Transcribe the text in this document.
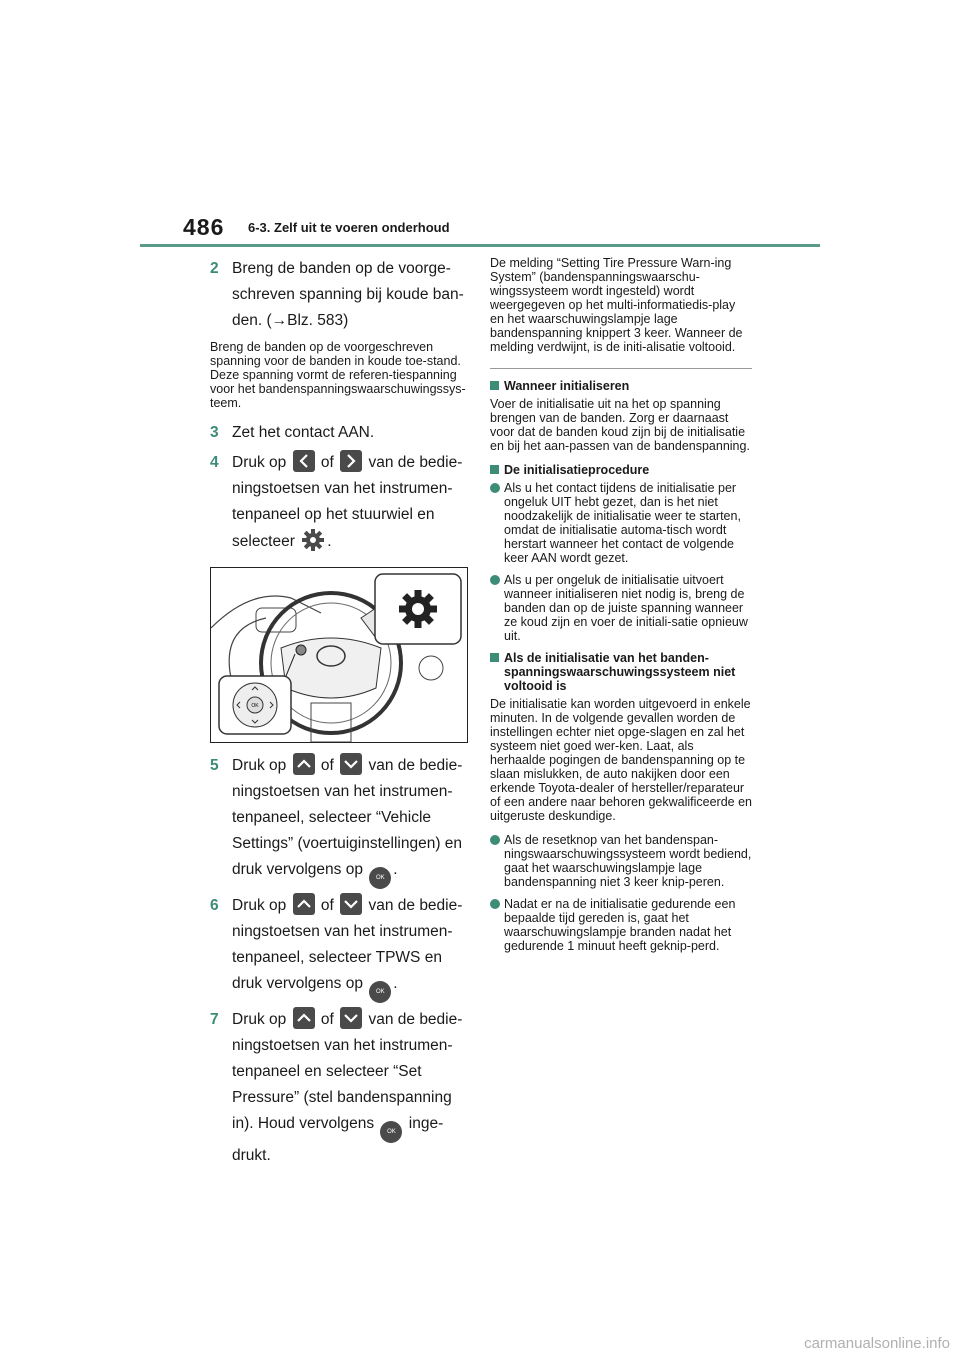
486 6-3. Zelf uit te voeren onderhoud
2 Breng de banden op de voorge-schreven spanning bij koude ban-den. (→Blz. 583)
Breng de banden op de voorgeschreven spanning voor de banden in koude toe-stand. Deze spanning vormt de referen-tiespanning voor het bandenspanningswaarschuwingssys-teem.
3 Zet het contact AAN.
4 Druk op of van de bedie-ningstoetsen van het instrumen-tenpaneel op het stuurwiel en selecteer .
OK
5 Druk op of van de bedie-ningstoetsen van het instrumen-tenpaneel, selecteer “Vehicle Settings” (voertuiginstellingen) en druk vervolgens op OK .
6 Druk op of van de bedie-ningstoetsen van het instrumen-tenpaneel, selecteer TPWS en druk vervolgens op OK .
7 Druk op of van de bedie-ningstoetsen van het instrumen-tenpaneel en selecteer “Set Pressure” (stel bandenspanning in). Houd vervolgens OK inge-drukt.

De melding “Setting Tire Pressure Warn-ing System” (bandenspanningswaarschu-wingssysteem wordt ingesteld) wordt weergegeven op het multi-informatiedis-play en het waarschuwingslampje lage bandenspanning knippert 3 keer. Wanneer de melding verdwijnt, is de initi-alisatie voltooid.

Wanneer initialiseren

Voer de initialisatie uit na het op spanning brengen van de banden. Zorg er daarnaast voor dat de banden koud zijn bij de initialisatie en bij het aan-passen van de bandenspanning.

De initialisatieprocedure
Als u het contact tijdens de initialisatie per ongeluk UIT hebt gezet, dan is het niet noodzakelijk de initialisatie weer te starten, omdat de initialisatie automa-tisch wordt herstart wanneer het contact de volgende keer AAN wordt gezet.
Als u per ongeluk de initialisatie uitvoert wanneer initialiseren niet nodig is, breng de banden dan op de juiste spanning wanneer ze koud zijn en voer de initiali-satie opnieuw uit.
Als de initialisatie van het banden-spanningswaarschuwingssysteem niet voltooid is

De initialisatie kan worden uitgevoerd in enkele minuten. In de volgende gevallen worden de instellingen echter niet opge-slagen en zal het systeem niet goed wer-ken. Laat, als herhaalde pogingen de bandenspanning op te slaan mislukken, de auto nakijken door een erkende Toyota-dealer of hersteller/reparateur of een andere naar behoren gekwalificeerde en uitgeruste deskundige.

Als de resetknop van het bandenspan-ningswaarschuwingssysteem wordt bediend, gaat het waarschuwingslampje lage bandenspanning niet 3 keer knip-peren.
Nadat er na de initialisatie gedurende een bepaalde tijd gereden is, gaat het waarschuwingslampje branden nadat het gedurende 1 minuut heeft geknip-perd.
carmanualsonline.info
